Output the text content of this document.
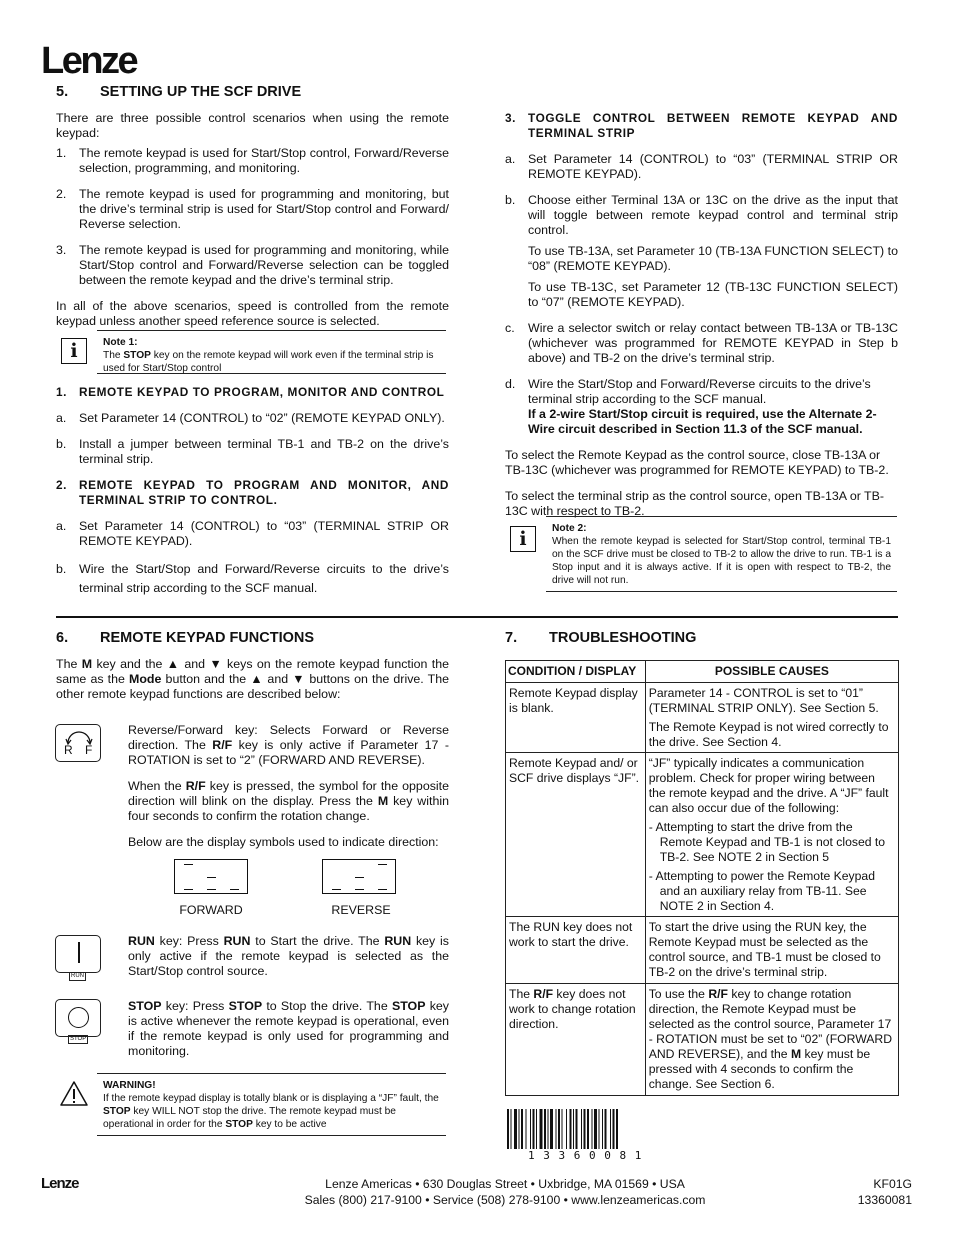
Lenze
5. SETTING UP THE SCF DRIVE
There are three possible control scenarios when using the remote keypad:
1.	The remote keypad is used for Start/Stop control, Forward/Reverse selection, programming, and monitoring.
2.	The remote keypad is used for programming and monitoring, but the drive’s terminal strip is used for Start/Stop control and Forward/ Reverse selection.
3.	The remote keypad is used for programming and monitoring, while Start/Stop control and Forward/Reverse selection can be toggled between the remote keypad and the drive’s terminal strip.
In all of the above scenarios, speed is controlled from the remote keypad unless another speed reference source is selected.
i Note 1:
The STOP key on the remote keypad will work even if the terminal strip is used for Start/Stop control
1.	REMOTE KEYPAD TO PROGRAM, MONITOR AND CONTROL
a.	Set Parameter 14 (CONTROL) to “02” (REMOTE KEYPAD ONLY).
b.	Install a jumper between terminal TB-1 and TB-2 on the drive’s terminal strip.
2.	REMOTE KEYPAD TO PROGRAM AND MONITOR, AND TERMINAL STRIP TO CONTROL.
a.	Set Parameter 14 (CONTROL) to “03” (TERMINAL STRIP OR REMOTE KEYPAD).
b.	Wire the Start/Stop and Forward/Reverse circuits to the drive’s terminal strip according to the SCF manual.
3.	TOGGLE CONTROL BETWEEN REMOTE KEYPAD AND TERMINAL STRIP
a.	Set Parameter 14 (CONTROL) to “03” (TERMINAL STRIP OR REMOTE KEYPAD).
b.	Choose either Terminal 13A or 13C on the drive as the input that will toggle between remote keypad control and terminal strip control.
To use TB-13A, set Parameter 10 (TB-13A FUNCTION SELECT) to “08” (REMOTE KEYPAD).
To use TB-13C, set Parameter 12 (TB-13C FUNCTION SELECT) to “07” (REMOTE KEYPAD).
c.	Wire a selector switch or relay contact between TB-13A or TB-13C (whichever was programmed for REMOTE KEYPAD in Step b above) and TB-2 on the drive’s terminal strip.
d.	Wire the Start/Stop and Forward/Reverse circuits to the drive’s terminal strip according to the SCF manual.
If a 2-wire Start/Stop circuit is required, use the Alternate 2- Wire circuit described in Section 11.3 of the SCF manual.
To select the Remote Keypad as the control source, close TB-13A or TB-13C (whichever was programmed for REMOTE KEYPAD) to TB-2.
To select the terminal strip as the control source, open TB-13A or TB-13C with respect to TB-2.
i Note 2:
When the remote keypad is selected for Start/Stop control, terminal TB-1 on the SCF drive must be closed to TB-2 to allow the drive to run. TB-1 is a Stop input and it is always active. If it is open with respect to TB-2, the drive will not run.
6. REMOTE KEYPAD FUNCTIONS
The M key and the ▲ and ▼ keys on the remote keypad function the same as the Mode button and the ▲ and ▼ buttons on the drive. The other remote keypad functions are described below:
R F
Reverse/Forward key: Selects Forward or Reverse direction. The R/F key is only active if Parameter 17 - ROTATION is set to “2” (FORWARD AND REVERSE).
When the R/F key is pressed, the symbol for the opposite direction will blink on the display. Press the M key within four seconds to confirm the rotation change.
Below are the display symbols used to indicate direction:
FORWARD	REVERSE
RUN
RUN key: Press RUN to Start the drive. The RUN key is only active if the remote keypad is selected as the Start/Stop control source.
STOP
STOP key: Press STOP to Stop the drive. The STOP key is active whenever the remote keypad is operational, even if the remote keypad is only used for programming and monitoring.
WARNING!
If the remote keypad display is totally blank or is displaying a “JF” fault, the STOP key WILL NOT stop the drive. The remote keypad must be operational in order for the STOP key to be active
7. TROUBLESHOOTING
CONDITION / DISPLAY	POSSIBLE CAUSES
Remote Keypad display is blank.	Parameter 14 - CONTROL is set to “01” (TERMINAL STRIP ONLY). See Section 5.

The Remote Keypad is not wired correctly to the drive. See Section 4.

Remote Keypad and/ or SCF drive displays “JF”.	“JF” typically indicates a communication problem. Check for proper wiring between the remote keypad and the drive. A “JF” fault can also occur due of the following:

- Attempting to start the drive from the Remote Keypad and TB-1 is not closed to TB-2. See NOTE 2 in Section 5

- Attempting to power the Remote Keypad and an auxiliary relay from TB-11. See NOTE 2 in Section 4.

The RUN key does not work to start the drive.	To start the drive using the RUN key, the Remote Keypad must be selected as the control source, and TB-1 must be closed to TB-2 on the drive’s terminal strip.

The R/F key does not work to change rotation direction.	To use the R/F key to change rotation direction, the Remote Keypad must be selected as the control source, Parameter 17 - ROTATION must be set to “02” (FORWARD AND REVERSE), and the M key must be pressed with 4 seconds to confirm the change. See Section 6.
1 3 3 6 0 0 8 1
Lenze	Lenze Americas • 630 Douglas Street • Uxbridge, MA 01569 • USA
Sales (800) 217-9100 • Service (508) 278-9100 • www.lenzeamericas.com
KF01G
13360081
